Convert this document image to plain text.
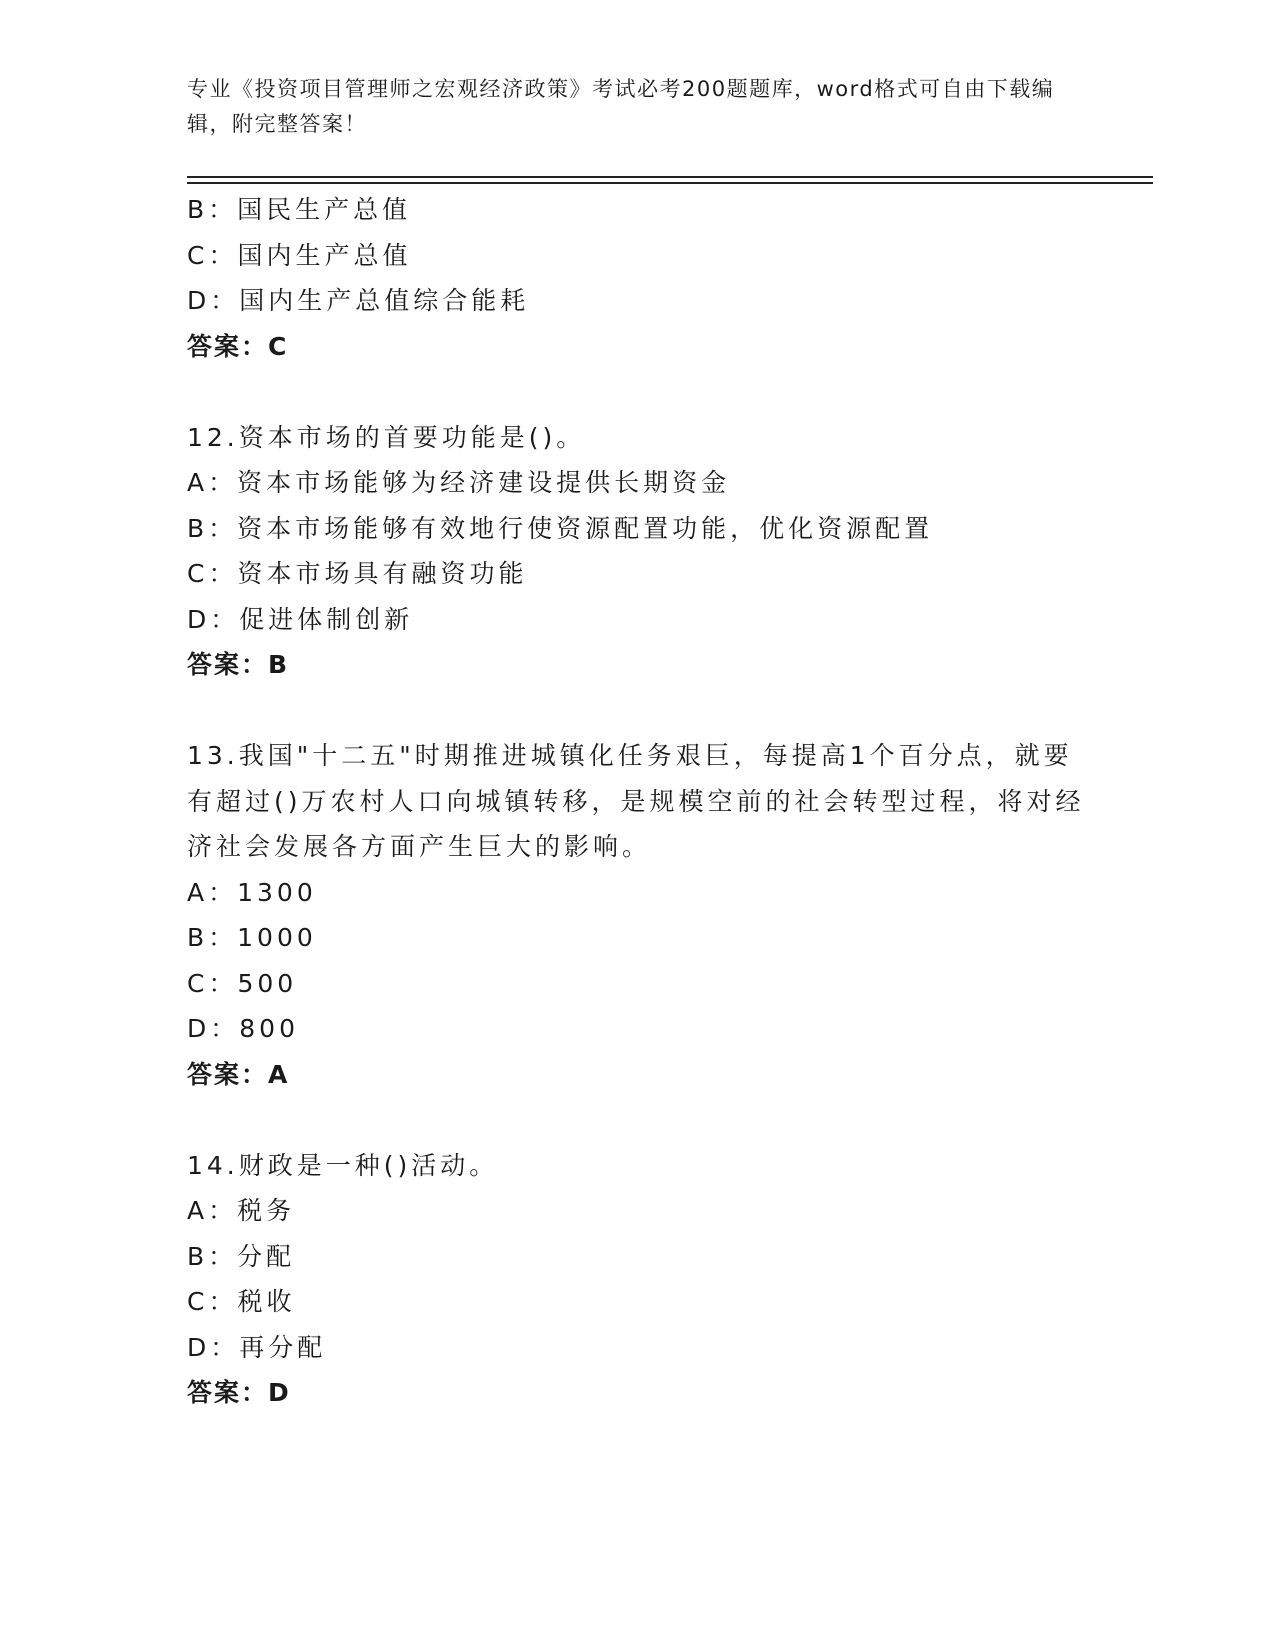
专业《投资项目管理师之宏观经济政策》考试必考200题题库，word格式可自由下载编辑，附完整答案！
B：国民生产总值
C：国内生产总值
D：国内生产总值综合能耗
答案：C
12.资本市场的首要功能是()。
A：资本市场能够为经济建设提供长期资金
B：资本市场能够有效地行使资源配置功能，优化资源配置
C：资本市场具有融资功能
D：促进体制创新
答案：B
13.我国"十二五"时期推进城镇化任务艰巨，每提高1个百分点，就要有超过()万农村人口向城镇转移，是规模空前的社会转型过程，将对经济社会发展各方面产生巨大的影响。
A：1300
B：1000
C：500
D：800
答案：A
14.财政是一种()活动。
A：税务
B：分配
C：税收
D：再分配
答案：D
